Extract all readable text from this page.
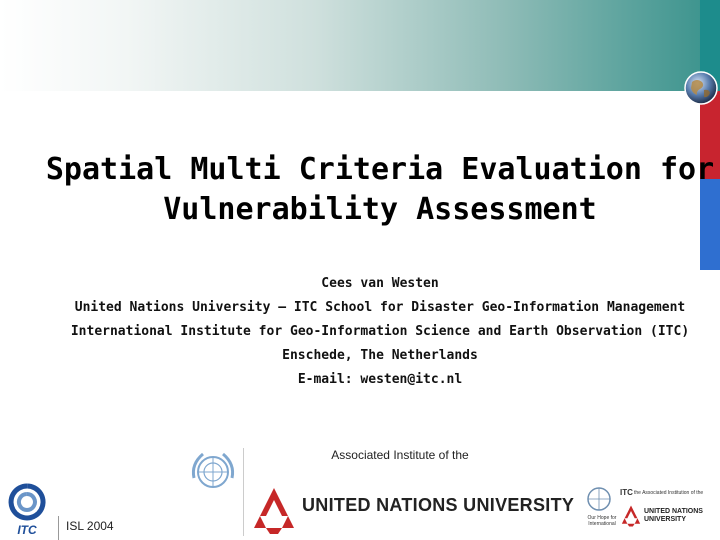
Spatial Multi Criteria Evaluation for
Vulnerability Assessment
Cees van Westen
United Nations University – ITC School for Disaster Geo-Information Management
International Institute for Geo-Information Science and Earth Observation (ITC)
Enschede, The Netherlands
E-mail: westen@itc.nl
Associated Institute of the
UNITED NATIONS UNIVERSITY
ITC ISL 2004
Our Hope for International
ITC the Associated Institution of the
UNITED NATIONS
UNIVERSITY
